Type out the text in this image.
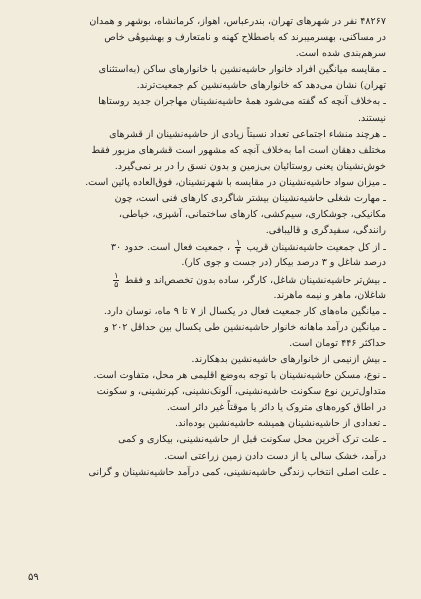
۴۸۲۶۷ نفر در شهرهای تهران، بندرعباس، اهواز، کرمانشاه، بوشهر و همدان
در مساکنی، بهسرمیبرند که باصطلاح کهنه و نامتعارف و بهشیوهٔی خاص
سرهم‌بندی شده است.
ـ مقایسه میانگین افراد خانوار حاشیه‌نشین با خانوارهای ساکن (به‌استثنای
تهران) نشان می‌دهد که خانوارهای حاشیه‌نشین کم جمعیت‌ترند.
ـ به‌خلاف آنچه که گفته می‌شود همهٔ حاشیه‌نشینان مهاجران جدید روستاها
نیستند.
ـ هرچند منشاء اجتماعی تعداد نسبتاً زیادی از حاشیه‌نشینان از قشرهای
مختلف دهقان است اما به‌خلاف آنچه که مشهور است قشرهای مزبور فقط
خوش‌نشینان یعنی روستائیان بی‌زمین و بدون نسق را در بر نمی‌گیرد.
ـ میزان سواد حاشیه‌نشینان در مقایسه با شهرنشینان، فوق‌العاده پائین است.
ـ مهارت شغلی حاشیه‌نشینان بیشتر شاگردی کارهای فنی است، چون
مکانیکی، جوشکاری، سیم‌کشی، کارهای ساختمانی، آشپزی، خیاطی،
رانندگی، سفیدگری و قالیبافی.
ـ از کل جمعیت حاشیه‌نشینان قریب
$\frac{۱}{۴}$
، جمعیت فعال است. حدود ۳۰
درصد شاغل و ۳ درصد بیکار (در جست و جوی کار).
ـ بیش‌تر حاشیه‌نشینان شاغل، کارگر، ساده بدون تخصص‌اند و فقط
$\frac{۱}{۵}$
شاغلان، ماهر و نیمه ماهرند.
ـ میانگین ماه‌های کار جمعیت فعال در یکسال از ۷ تا ۹ ماه، نوسان دارد.
ـ میانگین درآمد ماهانه خانوار حاشیه‌نشین طی یکسال بین حداقل ۲۰۲ و
حداکثر ۴۴۶ تومان است.
ـ بیش ازنیمی از خانوارهای حاشیه‌نشین بدهکارند.
ـ نوع، مسکن حاشیه‌نشینان با توجه به‌وضع اقلیمی هر محل، متفاوت است.
متداول‌ترین نوع سکونت حاشیه‌نشینی، آلونک‌نشینی، کپرنشینی، و سکونت
در اطاق کوره‌های متروک یا دائر یا موقتاً غیر دائر است.
ـ تعدادی از حاشیه‌نشینان همیشه حاشیه‌نشین بوده‌اند.
ـ علت ترک آخرین محل سکونت قبل از حاشیه‌نشینی، بیکاری و کمی
درآمد، خشک سالی یا از دست دادن زمین زراعتی است.
ـ علت اصلی انتخاب زندگی حاشیه‌نشینی، کمی درآمد حاشیه‌نشینان و گرانی
۵۹
